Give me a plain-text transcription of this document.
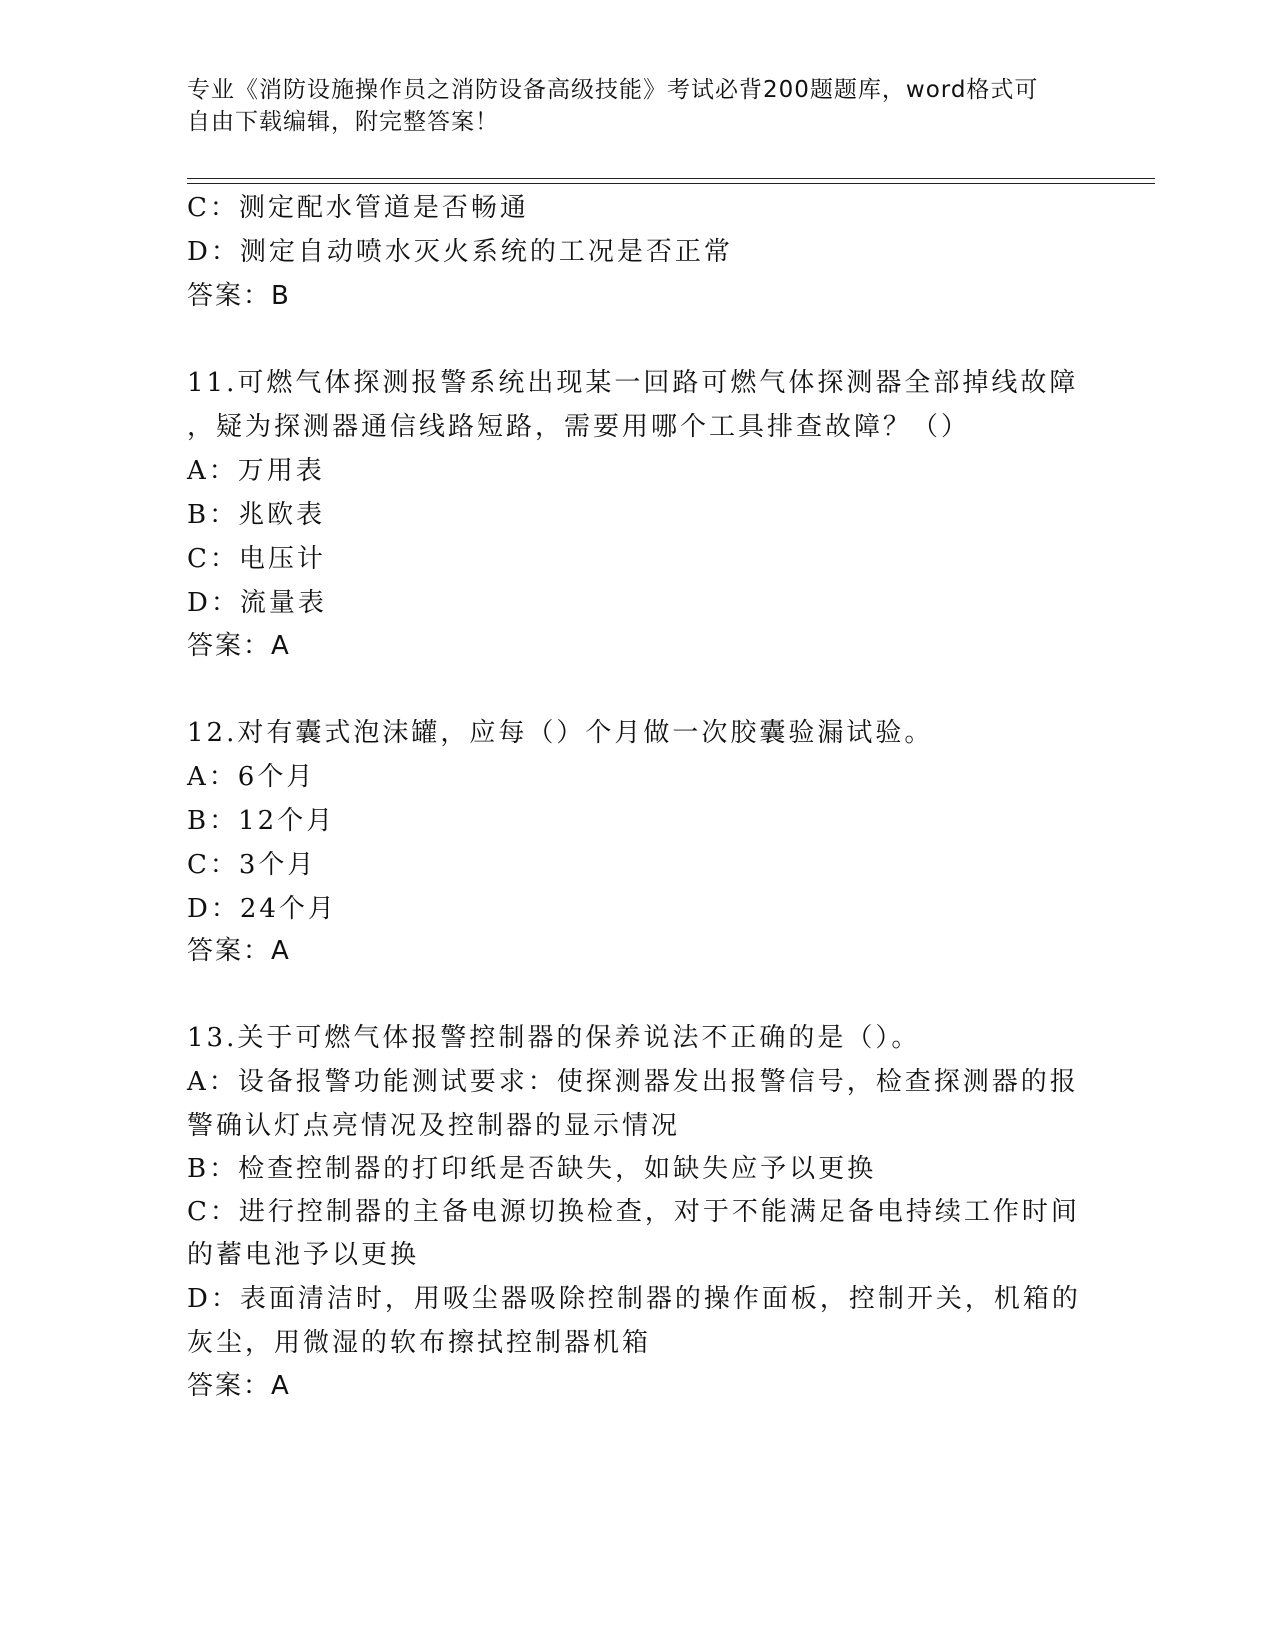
专业《消防设施操作员之消防设备高级技能》考试必背200题题库，word格式可
自由下载编辑，附完整答案！
C：测定配水管道是否畅通
D：测定自动喷水灭火系统的工况是否正常
答案：B
11.可燃气体探测报警系统出现某一回路可燃气体探测器全部掉线故障
，疑为探测器通信线路短路，需要用哪个工具排查故障？（）
A：万用表
B：兆欧表
C：电压计
D：流量表
答案：A
12.对有囊式泡沫罐，应每（）个月做一次胶囊验漏试验。
A：6个月
B：12个月
C：3个月
D：24个月
答案：A
13.关于可燃气体报警控制器的保养说法不正确的是（）。
A：设备报警功能测试要求：使探测器发出报警信号，检查探测器的报
警确认灯点亮情况及控制器的显示情况
B：检查控制器的打印纸是否缺失，如缺失应予以更换
C：进行控制器的主备电源切换检查，对于不能满足备电持续工作时间
的蓄电池予以更换
D：表面清洁时，用吸尘器吸除控制器的操作面板，控制开关，机箱的
灰尘，用微湿的软布擦拭控制器机箱
答案：A
